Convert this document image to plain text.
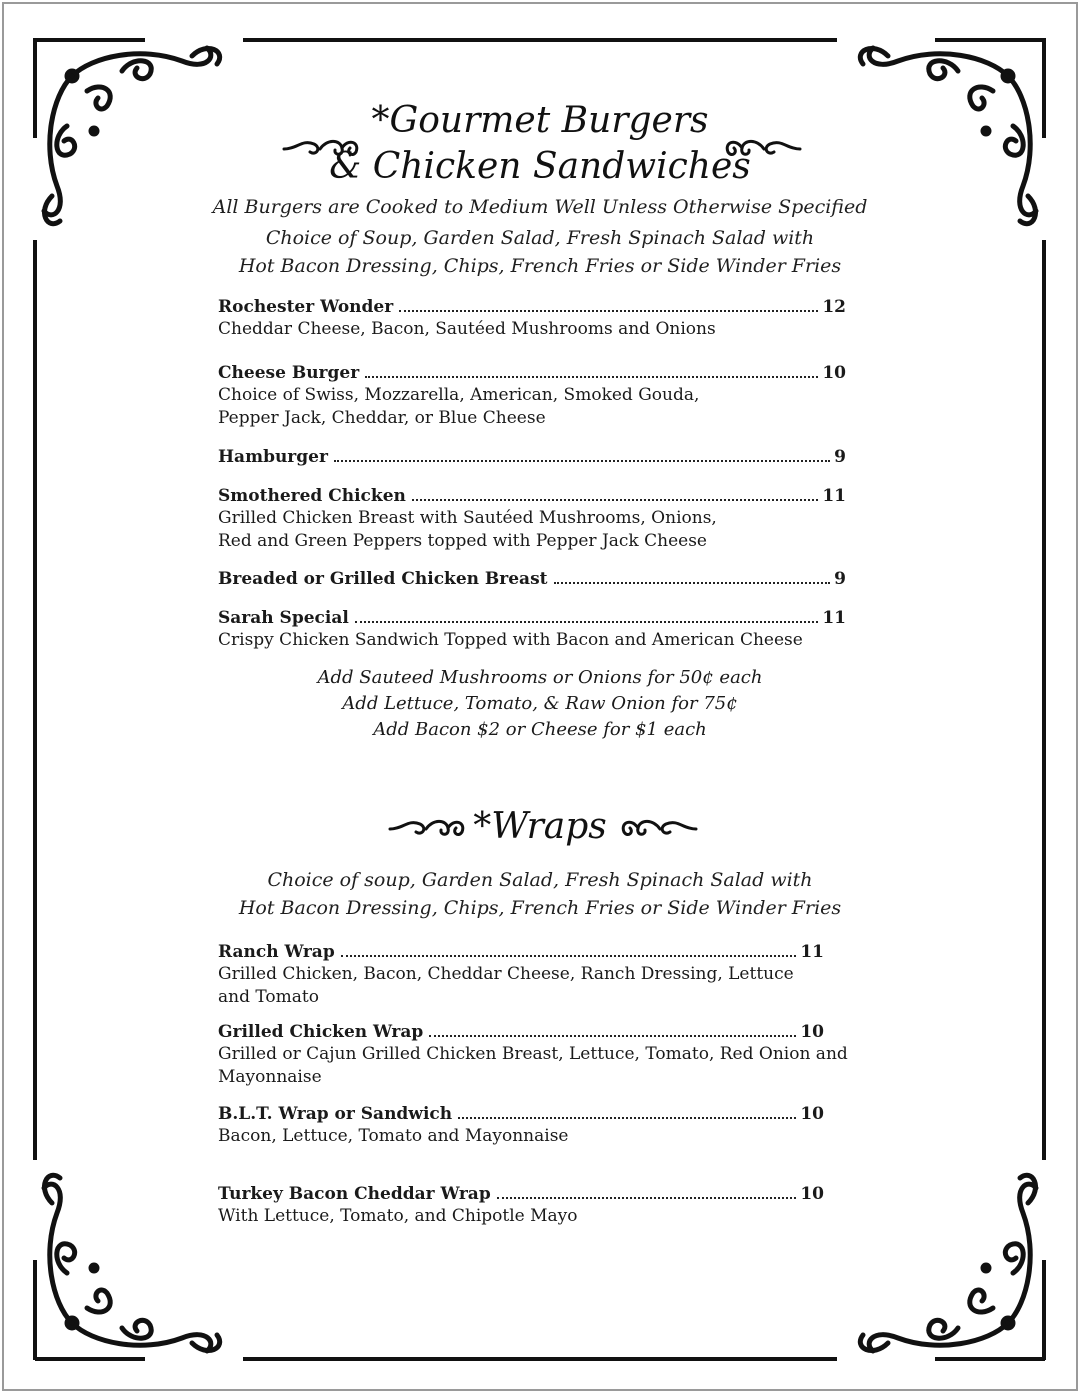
*Gourmet Burgers
& Chicken Sandwiches
All Burgers are Cooked to Medium Well Unless Otherwise Specified
Choice of Soup, Garden Salad, Fresh Spinach Salad with
Hot Bacon Dressing, Chips, French Fries or Side Winder Fries
Rochester Wonder	12
Cheddar Cheese, Bacon, Sautéed Mushrooms and Onions
Cheese Burger	10
Choice of Swiss, Mozzarella, American, Smoked Gouda,
Pepper Jack, Cheddar, or Blue Cheese
Hamburger	9
Smothered Chicken	11
Grilled Chicken Breast with Sautéed Mushrooms, Onions,
Red and Green Peppers topped with Pepper Jack Cheese
Breaded or Grilled Chicken Breast	9
Sarah Special	11
Crispy Chicken Sandwich Topped with Bacon and American Cheese
Add Sauteed Mushrooms or Onions for 50¢ each
Add Lettuce, Tomato, & Raw Onion for 75¢
Add Bacon $2 or Cheese for $1 each
*Wraps
Choice of soup, Garden Salad, Fresh Spinach Salad with
Hot Bacon Dressing, Chips, French Fries or Side Winder Fries
Ranch Wrap	11
Grilled Chicken, Bacon, Cheddar Cheese, Ranch Dressing, Lettuce and Tomato
Grilled Chicken Wrap	10
Grilled or Cajun Grilled Chicken Breast, Lettuce, Tomato, Red Onion and Mayonnaise
B.L.T. Wrap or Sandwich	10
Bacon, Lettuce, Tomato and Mayonnaise
Turkey Bacon Cheddar Wrap	10
With Lettuce, Tomato, and Chipotle Mayo
